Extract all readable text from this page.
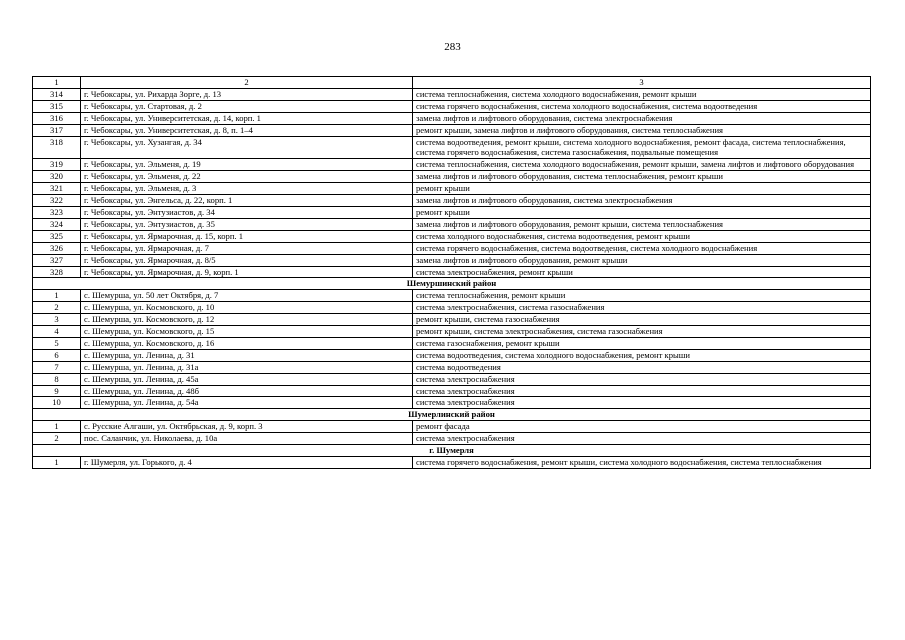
283
1	2	3
314	г. Чебоксары, ул. Рихарда Зорге, д. 13	система теплоснабжения, система холодного водоснабжения, ремонт крыши
315	г. Чебоксары, ул. Стартовая, д. 2	система горячего водоснабжения, система холодного водоснабжения, система водоотведения
316	г. Чебоксары, ул. Университетская, д. 14, корп. 1	замена лифтов и лифтового оборудования, система электроснабжения
317	г. Чебоксары, ул. Университетская, д. 8, п. 1–4	ремонт крыши, замена лифтов и лифтового оборудования, система теплоснабжения
318	г. Чебоксары, ул. Хузангая, д. 34	система водоотведения, ремонт крыши, система холодного водоснабжения, ремонт фасада, система теплоснабжения, система горячего водоснабжения, система газоснабжения, подвальные помещения
319	г. Чебоксары, ул. Эльменя, д. 19	система теплоснабжения, система холодного водоснабжения, ремонт крыши, замена лифтов и лифтового оборудования
320	г. Чебоксары, ул. Эльменя, д. 22	замена лифтов и лифтового оборудования, система теплоснабжения, ремонт крыши
321	г. Чебоксары, ул. Эльменя, д. 3	ремонт крыши
322	г. Чебоксары, ул. Энгельса, д. 22, корп. 1	замена лифтов и лифтового оборудования, система электроснабжения
323	г. Чебоксары, ул. Энтузиастов, д. 34	ремонт крыши
324	г. Чебоксары, ул. Энтузиастов, д. 35	замена лифтов и лифтового оборудования, ремонт крыши, система теплоснабжения
325	г. Чебоксары, ул. Ярмарочная, д. 15, корп. 1	система холодного водоснабжения, система водоотведения, ремонт крыши
326	г. Чебоксары, ул. Ярмарочная, д. 7	система горячего водоснабжения, система водоотведения, система холодного водоснабжения
327	г. Чебоксары, ул. Ярмарочная, д. 8/5	замена лифтов и лифтового оборудования, ремонт крыши
328	г. Чебоксары, ул. Ярмарочная, д. 9, корп. 1	система электроснабжения, ремонт крыши
Шемуршинский район		
1	с. Шемурша, ул. 50 лет Октября, д. 7	система теплоснабжения, ремонт крыши
2	с. Шемурша, ул. Космовского, д. 10	система электроснабжения, система газоснабжения
3	с. Шемурша, ул. Космовского, д. 12	ремонт крыши, система газоснабжения
4	с. Шемурша, ул. Космовского, д. 15	ремонт крыши, система электроснабжения, система газоснабжения
5	с. Шемурша, ул. Космовского, д. 16	система газоснабжения, ремонт крыши
6	с. Шемурша, ул. Ленина, д. 31	система водоотведения, система холодного водоснабжения, ремонт крыши
7	с. Шемурша, ул. Ленина, д. 31а	система водоотведения
8	с. Шемурша, ул. Ленина, д. 45а	система электроснабжения
9	с. Шемурша, ул. Ленина, д. 48б	система электроснабжения
10	с. Шемурша, ул. Ленина, д. 54а	система электроснабжения
Шумерлинский район		
1	с. Русские Алгаши, ул. Октябрьская, д. 9, корп. 3	ремонт фасада
2	пос. Саланчик, ул. Николаева, д. 10а	система электроснабжения
г. Шумерля		
1	г. Шумерля, ул. Горького, д. 4	система горячего водоснабжения, ремонт крыши, система холодного водоснабжения, система теплоснабжения
